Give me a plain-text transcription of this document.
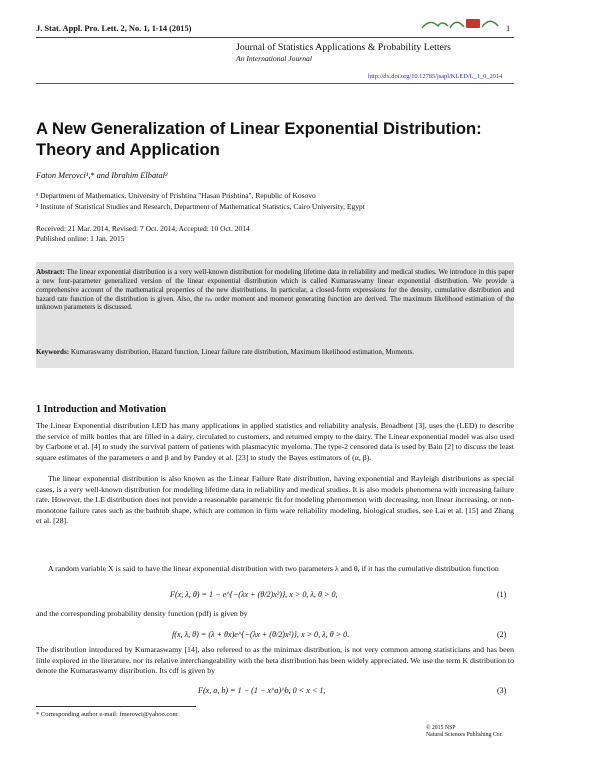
J. Stat. Appl. Pro. Lett. 2, No. 1, 1-14 (2015)	1
Journal of Statistics Applications & Probability Letters
An International Journal
http://dx.doi.org/10.12785/jsapl/KLED/L_1_0_2014
A New Generalization of Linear Exponential Distribution: Theory and Application
Faton Merovci¹,* and Ibrahim Elbatal²
¹ Department of Mathematics, University of Prishtina "Hasan Prishtina", Republic of Kosovo
² Institute of Statistical Studies and Research, Department of Mathematical Statistics, Cairo University, Egypt
Received: 21 Mar. 2014, Revised: 7 Oct. 2014, Accepted: 10 Oct. 2014
Published online: 1 Jan. 2015
Abstract: The linear exponential distribution is a very well-known distribution for modeling lifetime data in reliability and medical studies. We introduce in this paper a new four-parameter generalized version of the linear exponential distribution which is called Kumaraswamy linear exponential distribution. We provide a comprehensive account of the mathematical properties of the new distributions. In particular, a closed-form expressions for the density, cumulative distribution and hazard rate function of the distribution is given. Also, the rₜₕ order moment and moment generating function are derived. The maximum likelihood estimation of the unknown parameters is discussed.
Keywords: Kumaraswamy distribution, Hazard function, Linear failure rate distribution, Maximum likelihood estimation, Moments.
1 Introduction and Motivation

The Linear Exponential distribution LED has many applications in applied statistics and reliability analysis. Broadbent [3], uses the (LED) to describe the service of milk bottles that are filled in a dairy, circulated to customers, and returned empty to the dairy. The Linear exponential model was also used by Carbone et al. [4] to study the survival pattern of patients with plasmacytic myeloma. The type-2 censored data is used by Bain [2] to discuss the least square estimates of the parameters α and β and by Pandey et al. [23] to study the Bayes estimators of (α, β).

The linear exponential distribution is also known as the Linear Failure Rate distribution, having exponential and Rayleigh distributions as special cases, is a very well-known distribution for modeling lifetime data in reliability and medical studies. It is also models phenomena with increasing failure rate. However, the LE distribution does not provide a reasonable parametric fit for modeling phenomenon with decreasing, non linear increasing, or non-monotone failure rates such as the bathtub shape, which are common in firm ware reliability modeling, biological studies, see Lai et al. [15] and Zhang et al. [28].

A random variable X is said to have the linear exponential distribution with two parameters λ and θ, if it has the cumulative distribution function

F(x, λ, θ) = 1 − e^{−(λx + (θ/2)x²)}, x > 0, λ, θ > 0,	(1)

and the corresponding probability density function (pdf) is given by

f(x, λ, θ) = (λ + θx)e^{−(λx + (θ/2)x²)}, x > 0, λ, θ > 0.	(2)

The distribution introduced by Kumaraswamy [14], also refereed to as the minimax distribution, is not very common among statisticians and has been little explored in the literature, nor its relative interchangeability with the beta distribution has been widely appreciated. We use the term K distribution to denote the Kumaraswamy distribution. Its cdf is given by

F(x, a, b) = 1 − (1 − x^a)^b, 0 < x < 1,	(3)
* Corresponding author e-mail: fmerovci@yahoo.com
© 2015 NSP
Natural Sciences Publishing Cor.
